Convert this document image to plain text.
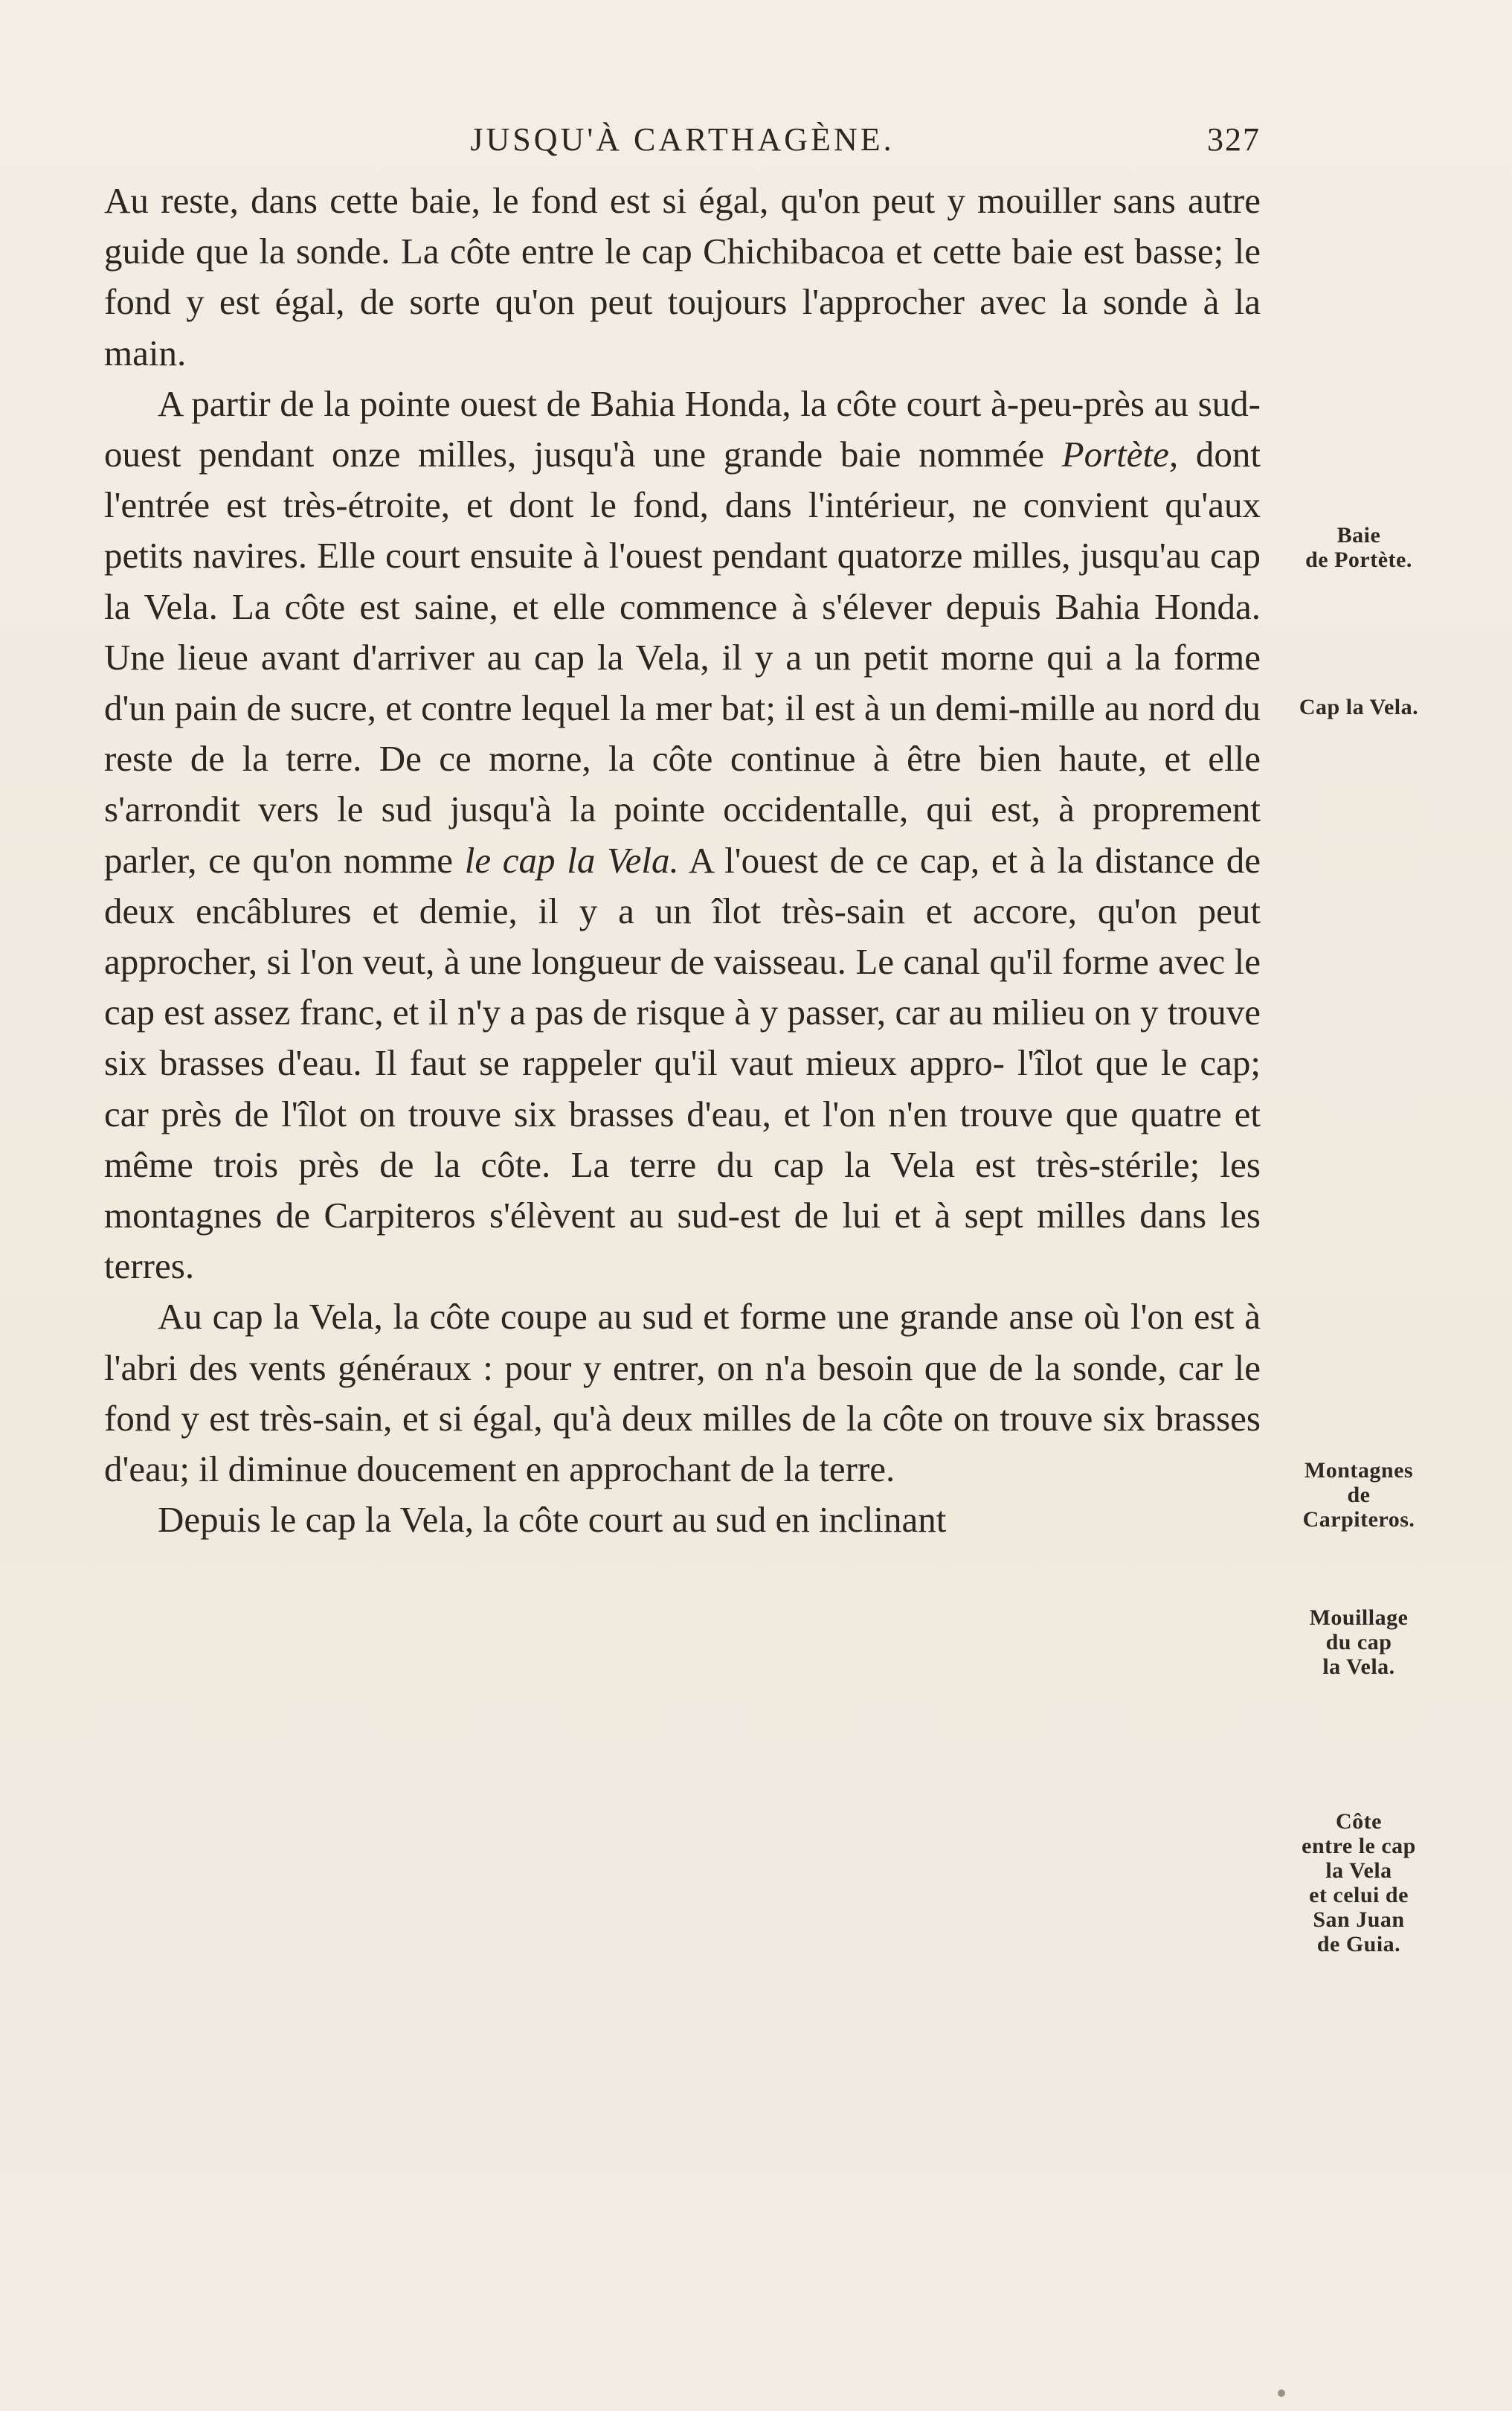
JUSQU'À CARTHAGÈNE.	327

Au reste, dans cette baie, le fond est si égal, qu'on peut y mouiller sans autre guide que la sonde. La côte entre le cap Chichibacoa et cette baie est basse; le fond y est égal, de sorte qu'on peut toujours l'approcher avec la sonde à la main.

A partir de la pointe ouest de Bahia Honda, la côte court à-peu-près au sud-ouest pendant onze milles, jusqu'à une grande baie nommée Portète, dont l'entrée est très-étroite, et dont le fond, dans l'intérieur, ne convient qu'aux petits navires. Elle court ensuite à l'ouest pendant quatorze milles, jusqu'au cap la Vela. La côte est saine, et elle commence à s'élever depuis Bahia Honda. Une lieue avant d'arriver au cap la Vela, il y a un petit morne qui a la forme d'un pain de sucre, et contre lequel la mer bat; il est à un demi-mille au nord du reste de la terre. De ce morne, la côte continue à être bien haute, et elle s'arrondit vers le sud jusqu'à la pointe occidentalle, qui est, à proprement parler, ce qu'on nomme le cap la Vela. A l'ouest de ce cap, et à la distance de deux encâblures et demie, il y a un îlot très-sain et accore, qu'on peut approcher, si l'on veut, à une longueur de vaisseau. Le canal qu'il forme avec le cap est assez franc, et il n'y a pas de risque à y passer, car au milieu on y trouve six brasses d'eau. Il faut se rappeler qu'il vaut mieux appro- l'îlot que le cap; car près de l'îlot on trouve six brasses d'eau, et l'on n'en trouve que quatre et même trois près de la côte. La terre du cap la Vela est très-stérile; les montagnes de Carpiteros s'élèvent au sud-est de lui et à sept milles dans les terres.

Au cap la Vela, la côte coupe au sud et forme une grande anse où l'on est à l'abri des vents généraux : pour y entrer, on n'a besoin que de la sonde, car le fond y est très-sain, et si égal, qu'à deux milles de la côte on trouve six brasses d'eau; il diminue doucement en approchant de la terre.

Depuis le cap la Vela, la côte court au sud en inclinant

Baie
de Portète.
Cap la Vela.
Montagnes
de
Carpiteros.
Mouillage
du cap
la Vela.
Côte
entre le cap
la Vela
et celui de
San Juan
de Guia.
